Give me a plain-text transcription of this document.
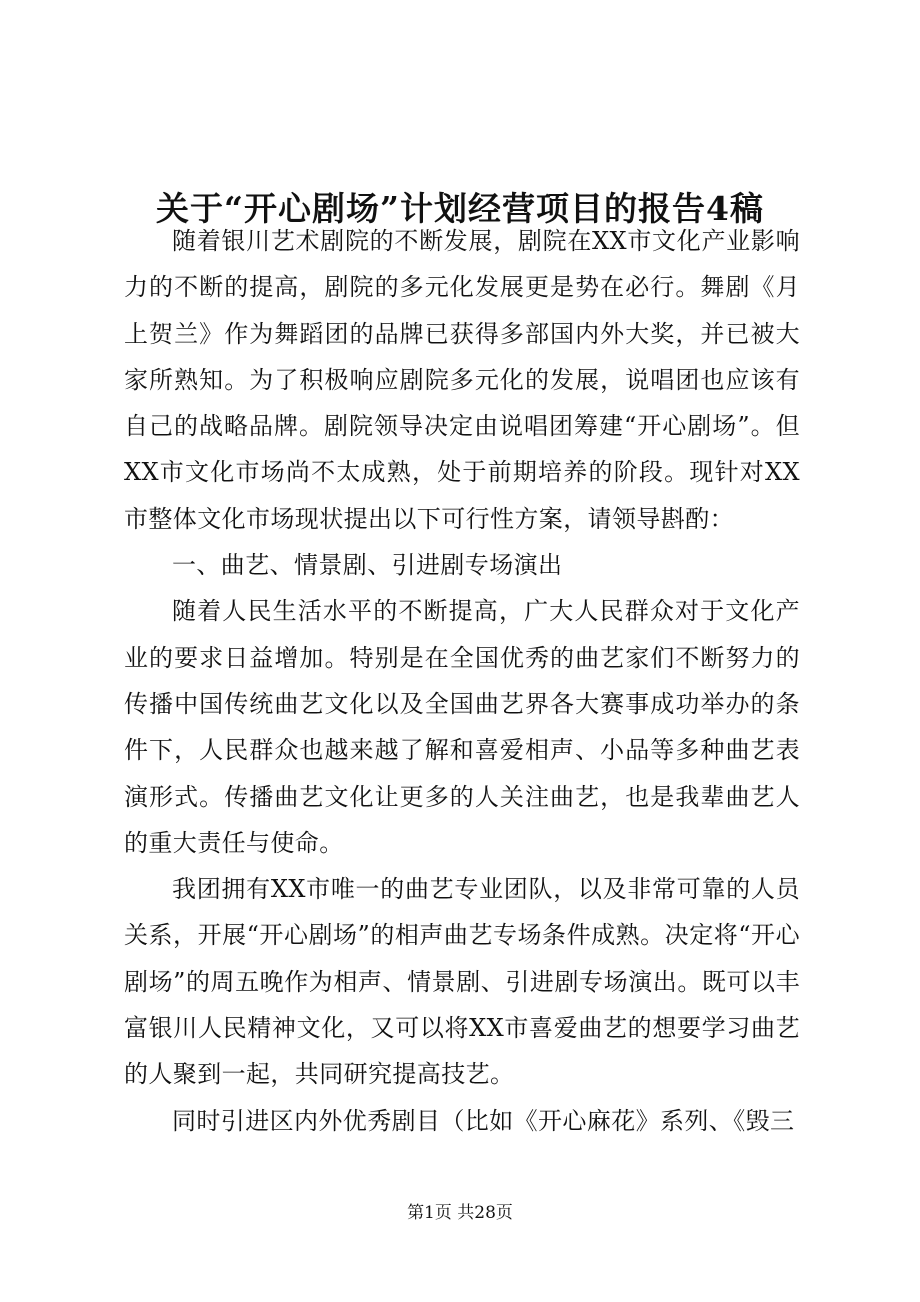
关于“开心剧场”计划经营项目的报告4稿

随着银川艺术剧院的不断发展，剧院在XX市文化产业影响力的不断的提高，剧院的多元化发展更是势在必行。舞剧《月上贺兰》作为舞蹈团的品牌已获得多部国内外大奖，并已被大家所熟知。为了积极响应剧院多元化的发展，说唱团也应该有自己的战略品牌。剧院领导决定由说唱团筹建“开心剧场”。但XX市文化市场尚不太成熟，处于前期培养的阶段。现针对XX市整体文化市场现状提出以下可行性方案，请领导斟酌：

一、曲艺、情景剧、引进剧专场演出

随着人民生活水平的不断提高，广大人民群众对于文化产业的要求日益增加。特别是在全国优秀的曲艺家们不断努力的传播中国传统曲艺文化以及全国曲艺界各大赛事成功举办的条件下，人民群众也越来越了解和喜爱相声、小品等多种曲艺表演形式。传播曲艺文化让更多的人关注曲艺，也是我辈曲艺人的重大责任与使命。

我团拥有XX市唯一的曲艺专业团队，以及非常可靠的人员关系，开展“开心剧场”的相声曲艺专场条件成熟。决定将“开心剧场”的周五晚作为相声、情景剧、引进剧专场演出。既可以丰富银川人民精神文化，又可以将XX市喜爱曲艺的想要学习曲艺的人聚到一起，共同研究提高技艺。

同时引进区内外优秀剧目（比如《开心麻花》系列、《毁三

第1页 共28页
